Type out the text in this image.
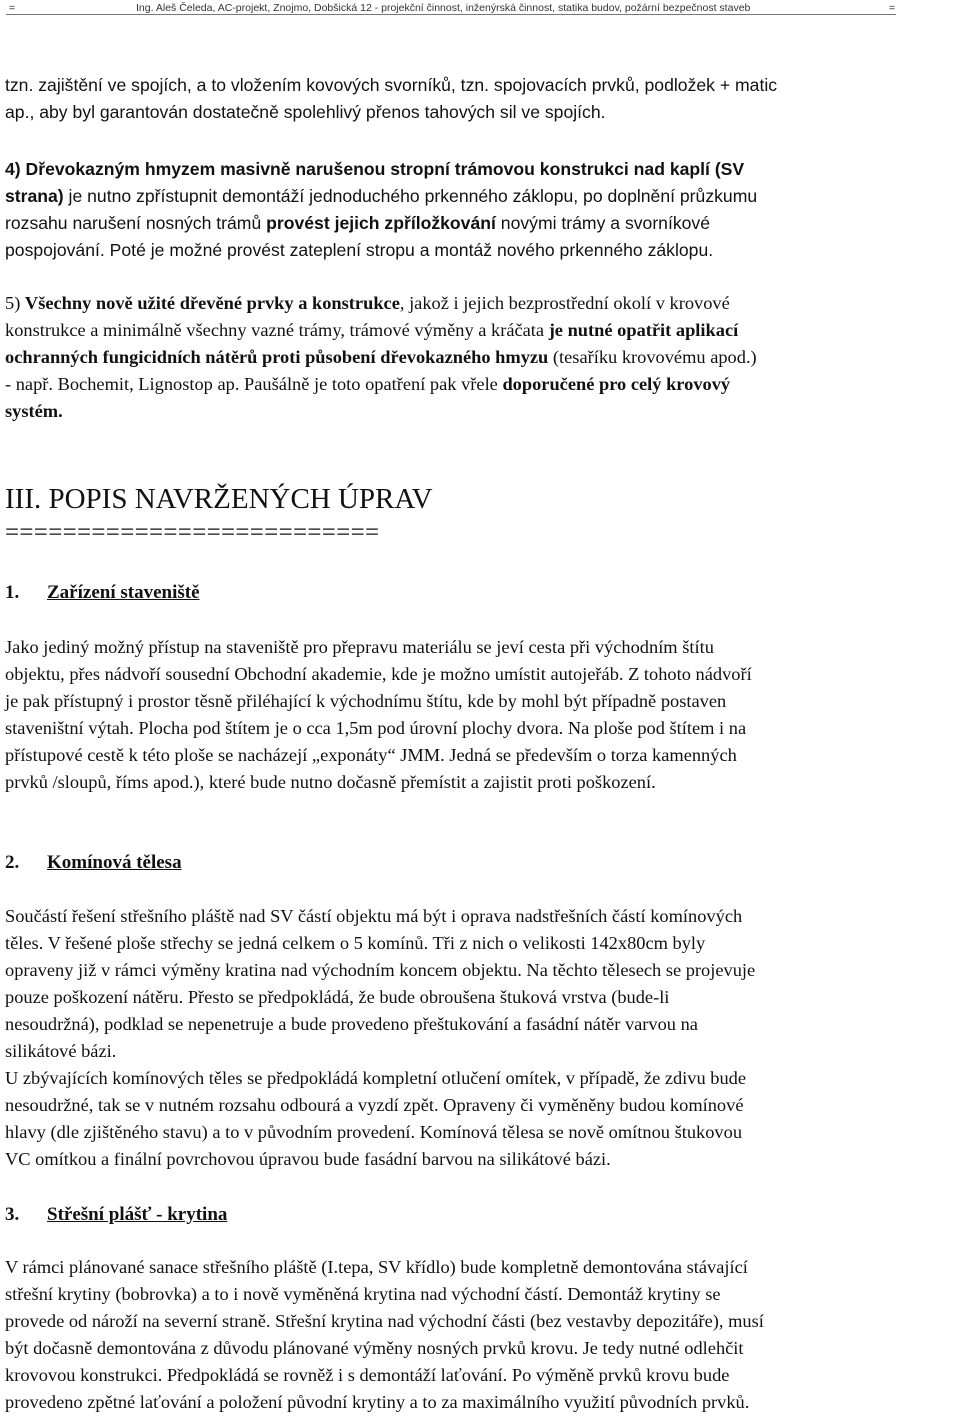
=	Ing. Aleš Čeleda, AC-projekt, Znojmo, Dobšická 12 - projekční činnost, inženýrská činnost, statika budov, požární bezpečnost staveb	=
tzn. zajištění ve spojích, a to vložením kovových svorníků, tzn. spojovacích prvků, podložek + matic
ap., aby byl garantován dostatečně spolehlivý přenos tahových sil ve spojích.
4) Dřevokazným hmyzem masivně narušenou stropní trámovou konstrukci nad kaplí (SV
strana) je nutno zpřístupnit demontáží jednoduchého prkenného záklopu, po doplnění průzkumu
rozsahu narušení nosných trámů provést jejich zpříložkování novými trámy a svorníkové
pospojování. Poté je možné provést zateplení stropu a montáž nového prkenného záklopu.
5) Všechny nově užité dřevěné prvky a konstrukce, jakož i jejich bezprostřední okolí v krovové
konstrukce a minimálně všechny vazné trámy, trámové výměny a kráčata je nutné opatřit aplikací
ochranných fungicidních nátěrů proti působení dřevokazného hmyzu (tesaříku krovovému apod.)
- např. Bochemit, Lignostop ap. Paušálně je toto opatření pak vřele doporučené pro celý krovový
systém.
III. POPIS NAVRŽENÝCH ÚPRAV
==========================
1. Zařízení staveniště
Jako jediný možný přístup na staveniště pro přepravu materiálu se jeví cesta při východním štítu
objektu, přes nádvoří sousední Obchodní akademie, kde je možno umístit autojeřáb. Z tohoto nádvoří
je pak přístupný i prostor těsně přiléhající k východnímu štítu, kde by mohl být případně postaven
staveništní výtah. Plocha pod štítem je o cca 1,5m pod úrovní plochy dvora. Na ploše pod štítem i na
přístupové cestě k této ploše se nacházejí „exponáty“ JMM. Jedná se především o torza kamenných
prvků /sloupů, říms apod.), které bude nutno dočasně přemístit a zajistit proti poškození.
2. Komínová tělesa
Součástí řešení střešního pláště nad SV částí objektu má být i oprava nadstřešních částí komínových
těles. V řešené ploše střechy se jedná celkem o 5 komínů. Tři z nich o velikosti 142x80cm byly
opraveny již v rámci výměny kratina nad východním koncem objektu. Na těchto tělesech se projevuje
pouze poškození nátěru. Přesto se předpokládá, že bude obroušena štuková vrstva (bude-li
nesoudržná), podklad se nepenetruje a bude provedeno přeštukování a fasádní nátěr varvou na
silikátové bázi.
U zbývajících komínových těles se předpokládá kompletní otlučení omítek, v případě, že zdivu bude
nesoudržné, tak se v nutném rozsahu odbourá a vyzdí zpět. Opraveny či vyměněny budou komínové
hlavy (dle zjištěného stavu) a to v původním provedení. Komínová tělesa se nově omítnou štukovou
VC omítkou a finální povrchovou úpravou bude fasádní barvou na silikátové bázi.
3. Střešní plášť - krytina
V rámci plánované sanace střešního pláště (I.tepa, SV křídlo) bude kompletně demontována stávající
střešní krytiny (bobrovka) a to i nově vyměněná krytina nad východní částí. Demontáž krytiny se
provede od nároží na severní straně. Střešní krytina nad východní části (bez vestavby depozitáře), musí
být dočasně demontována z důvodu plánované výměny nosných prvků krovu. Je tedy nutné odlehčit
krovovou konstrukci. Předpokládá se rovněž i s demontáží laťování. Po výměně prvků krovu bude
provedeno zpětné laťování a položení původní krytiny a to za maximálního využití původních prvků.
